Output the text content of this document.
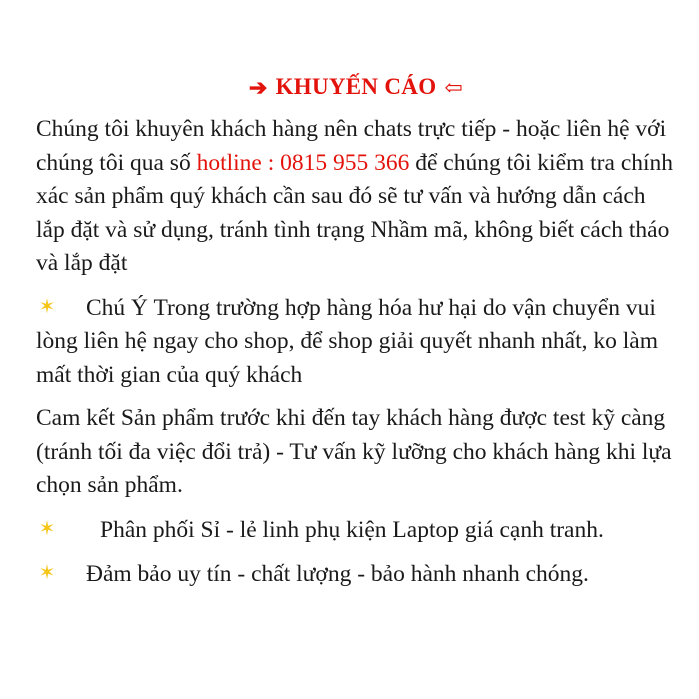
➔ KHUYẾN CÁO ⇦

Chúng tôi khuyên khách hàng nên chats trực tiếp - hoặc liên hệ với chúng tôi qua số hotline : 0815 955 366 để chúng tôi kiểm tra chính xác sản phẩm quý khách cần sau đó sẽ tư vấn và hướng dẫn cách lắp đặt và sử dụng, tránh tình trạng Nhầm mã, không biết cách tháo và lắp đặt

✶ Chú Ý Trong trường hợp hàng hóa hư hại do vận chuyển vui lòng liên hệ ngay cho shop, để shop giải quyết nhanh nhất, ko làm mất thời gian của quý khách

Cam kết Sản phẩm trước khi đến tay khách hàng được test kỹ càng (tránh tối đa việc đổi trả) - Tư vấn kỹ lưỡng cho khách hàng khi lựa chọn sản phẩm.

✶ Phân phối Sỉ - lẻ linh phụ kiện Laptop giá cạnh tranh.

✶ Đảm bảo uy tín - chất lượng - bảo hành nhanh chóng.
